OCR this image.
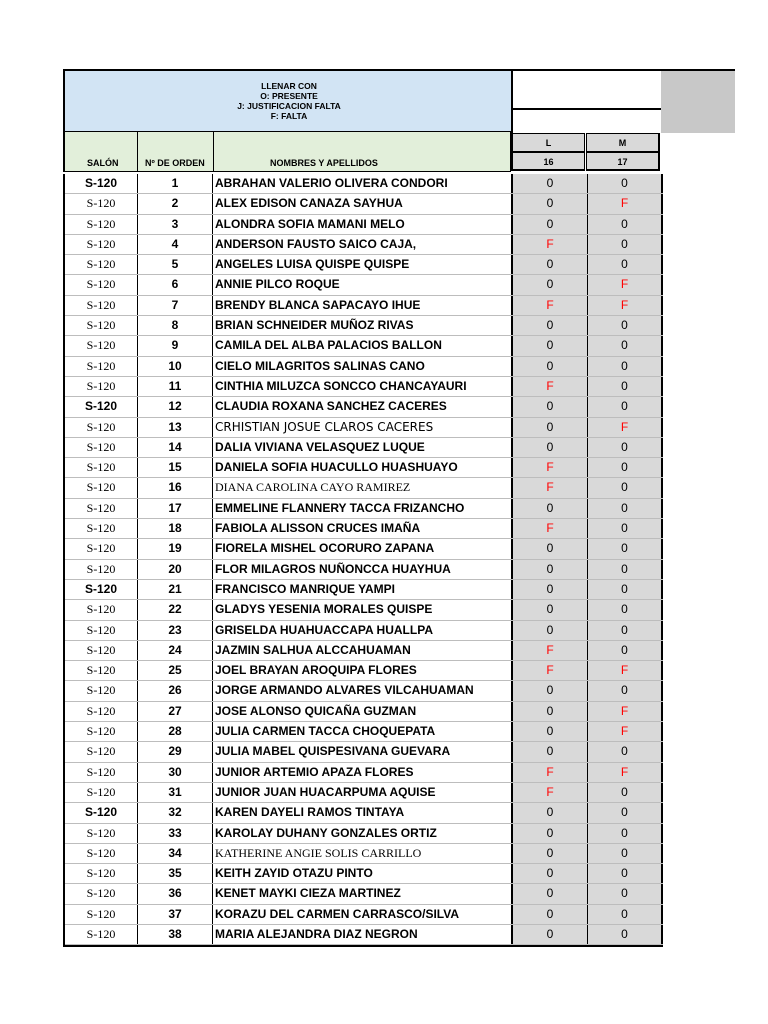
LLENAR CON
O: PRESENTE
J: JUSTIFICACION FALTA
F: FALTA
SALÓN	Nº DE ORDEN	NOMBRES Y APELLIDOS
L	M
16	17
S-120	1	ABRAHAN VALERIO OLIVERA CONDORI	0	0
S-120	2	ALEX EDISON CANAZA SAYHUA	0	F
S-120	3	ALONDRA SOFIA MAMANI MELO	0	0
S-120	4	ANDERSON FAUSTO SAICO CAJA,	F	0
S-120	5	ANGELES LUISA QUISPE QUISPE	0	0
S-120	6	ANNIE PILCO ROQUE	0	F
S-120	7	BRENDY BLANCA SAPACAYO IHUE	F	F
S-120	8	BRIAN SCHNEIDER MUÑOZ RIVAS	0	0
S-120	9	CAMILA DEL ALBA PALACIOS BALLON	0	0
S-120	10	CIELO MILAGRITOS SALINAS CANO	0	0
S-120	11	CINTHIA MILUZCA SONCCO CHANCAYAURI	F	0
S-120	12	CLAUDIA ROXANA SANCHEZ CACERES	0	0
S-120	13	CRHISTIAN JOSUE CLAROS CACERES	0	F
S-120	14	DALIA VIVIANA VELASQUEZ LUQUE	0	0
S-120	15	DANIELA SOFIA HUACULLO HUASHUAYO	F	0
S-120	16	DIANA CAROLINA CAYO RAMIREZ	F	0
S-120	17	EMMELINE FLANNERY TACCA FRIZANCHO	0	0
S-120	18	FABIOLA ALISSON CRUCES IMAÑA	F	0
S-120	19	FIORELA MISHEL OCORURO ZAPANA	0	0
S-120	20	FLOR MILAGROS NUÑONCCA HUAYHUA	0	0
S-120	21	FRANCISCO MANRIQUE YAMPI	0	0
S-120	22	GLADYS YESENIA MORALES QUISPE	0	0
S-120	23	GRISELDA HUAHUACCAPA HUALLPA	0	0
S-120	24	JAZMIN SALHUA ALCCAHUAMAN	F	0
S-120	25	JOEL BRAYAN AROQUIPA FLORES	F	F
S-120	26	JORGE ARMANDO ALVARES VILCAHUAMAN	0	0
S-120	27	JOSE ALONSO QUICAÑA GUZMAN	0	F
S-120	28	JULIA CARMEN TACCA CHOQUEPATA	0	F
S-120	29	JULIA MABEL QUISPESIVANA GUEVARA	0	0
S-120	30	JUNIOR ARTEMIO APAZA FLORES	F	F
S-120	31	JUNIOR JUAN HUACARPUMA AQUISE	F	0
S-120	32	KAREN DAYELI RAMOS TINTAYA	0	0
S-120	33	KAROLAY DUHANY GONZALES ORTIZ	0	0
S-120	34	KATHERINE ANGIE SOLIS CARRILLO	0	0
S-120	35	KEITH ZAYID OTAZU PINTO	0	0
S-120	36	KENET MAYKI CIEZA MARTINEZ	0	0
S-120	37	KORAZU DEL CARMEN CARRASCO/SILVA	0	0
S-120	38	MARIA ALEJANDRA DIAZ NEGRON	0	0
